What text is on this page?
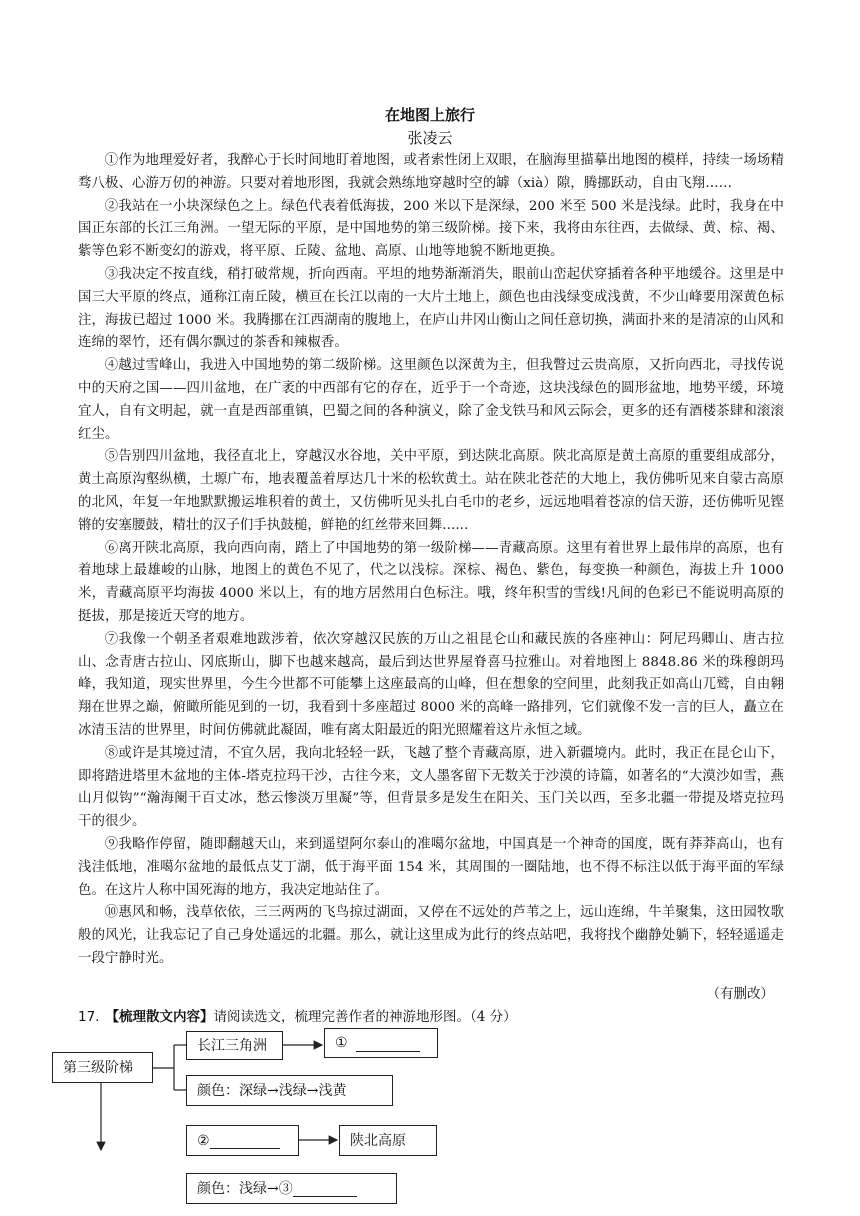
在地图上旅行
张凌云

①作为地理爱好者，我醉心于长时间地盯着地图，或者索性闭上双眼，在脑海里描摹出地图的模样，持续一场场精骛八极、心游万仞的神游。只要对着地形图，我就会熟练地穿越时空的罅（xià）隙，腾挪跃动，自由飞翔……

②我站在一小块深绿色之上。绿色代表着低海拔，200 米以下是深绿，200 米至 500 米是浅绿。此时，我身在中国正东部的长江三角洲。一望无际的平原，是中国地势的第三级阶梯。接下来，我将由东往西，去做绿、黄、棕、褐、紫等色彩不断变幻的游戏，将平原、丘陵、盆地、高原、山地等地貌不断地更换。

③我决定不按直线，稍打破常规，折向西南。平坦的地势渐渐消失，眼前山峦起伏穿插着各种平地缓谷。这里是中国三大平原的终点，通称江南丘陵，横亘在长江以南的一大片土地上，颜色也由浅绿变成浅黄，不少山峰要用深黄色标注，海拔已超过 1000 米。我腾挪在江西湖南的腹地上，在庐山井冈山衡山之间任意切换，满面扑来的是清凉的山风和连绵的翠竹，还有偶尔飘过的茶香和辣椒香。

④越过雪峰山，我进入中国地势的第二级阶梯。这里颜色以深黄为主，但我瞥过云贵高原，又折向西北，寻找传说中的天府之国——四川盆地，在广袤的中西部有它的存在，近乎于一个奇迹，这块浅绿色的圆形盆地，地势平缓，环境宜人，自有文明起，就一直是西部重镇，巴蜀之间的各种演义，除了金戈铁马和风云际会，更多的还有酒楼茶肆和滚滚红尘。

⑤告别四川盆地，我径直北上，穿越汉水谷地，关中平原，到达陕北高原。陕北高原是黄土高原的重要组成部分，黄土高原沟壑纵横，土塬广布，地表覆盖着厚达几十米的松软黄土。站在陕北苍茫的大地上，我仿佛听见来自蒙古高原的北风，年复一年地默默搬运堆积着的黄土，又仿佛听见头扎白毛巾的老乡，远远地唱着苍凉的信天游，还仿佛听见铿锵的安塞腰鼓，精壮的汉子们手执鼓槌，鲜艳的红丝带来回舞......

⑥离开陕北高原，我向西向南，踏上了中国地势的第一级阶梯——青藏高原。这里有着世界上最伟岸的高原，也有着地球上最雄峻的山脉，地图上的黄色不见了，代之以浅棕。深棕、褐色、紫色，每变换一种颜色，海拔上升 1000 米，青藏高原平均海拔 4000 米以上，有的地方居然用白色标注。哦，终年积雪的雪线!凡间的色彩已不能说明高原的挺拔，那是接近天穹的地方。

⑦我像一个朝圣者艰难地跋涉着，依次穿越汉民族的万山之祖昆仑山和藏民族的各座神山：阿尼玛卿山、唐古拉山、念青唐古拉山、冈底斯山，脚下也越来越高，最后到达世界屋脊喜马拉雅山。对着地图上 8848.86 米的珠穆朗玛峰，我知道，现实世界里，今生今世都不可能攀上这座最高的山峰，但在想象的空间里，此刻我正如高山兀鹫，自由翱翔在世界之巅，俯瞰所能见到的一切，我看到十多座超过 8000 米的高峰一路排列，它们就像不发一言的巨人，矗立在冰清玉洁的世界里，时间仿佛就此凝固，唯有离太阳最近的阳光照耀着这片永恒之域。

⑧或许是其境过清，不宜久居，我向北轻轻一跃，飞越了整个青藏高原，进入新疆境内。此时，我正在昆仑山下，即将踏进塔里木盆地的主体-塔克拉玛干沙，古往今来，文人墨客留下无数关于沙漠的诗篇，如著名的“大漠沙如雪，燕山月似钩”“瀚海阑干百丈冰，愁云惨淡万里凝”等，但背景多是发生在阳关、玉门关以西，至多北疆一带提及塔克拉玛干的很少。

⑨我略作停留，随即翻越天山，来到遥望阿尔泰山的准噶尔盆地，中国真是一个神奇的国度，既有莽莽高山，也有浅洼低地，准噶尔盆地的最低点艾丁湖，低于海平面 154 米，其周围的一圈陆地，也不得不标注以低于海平面的军绿色。在这片人称中国死海的地方，我决定地站住了。

⑩惠风和畅，浅草依依，三三两两的飞鸟掠过湖面，又停在不远处的芦苇之上，远山连绵，牛羊聚集，这田园牧歌般的风光，让我忘记了自己身处遥远的北疆。那么，就让这里成为此行的终点站吧，我将找个幽静处躺下，轻轻遥遥走一段宁静时光。

（有删改）
17. 【梳理散文内容】请阅读选文，梳理完善作者的神游地形图。（4 分）
第三级阶梯
长江三角洲	①
颜色：深绿→浅绿→浅黄
②	陕北高原
颜色：浅绿→③
